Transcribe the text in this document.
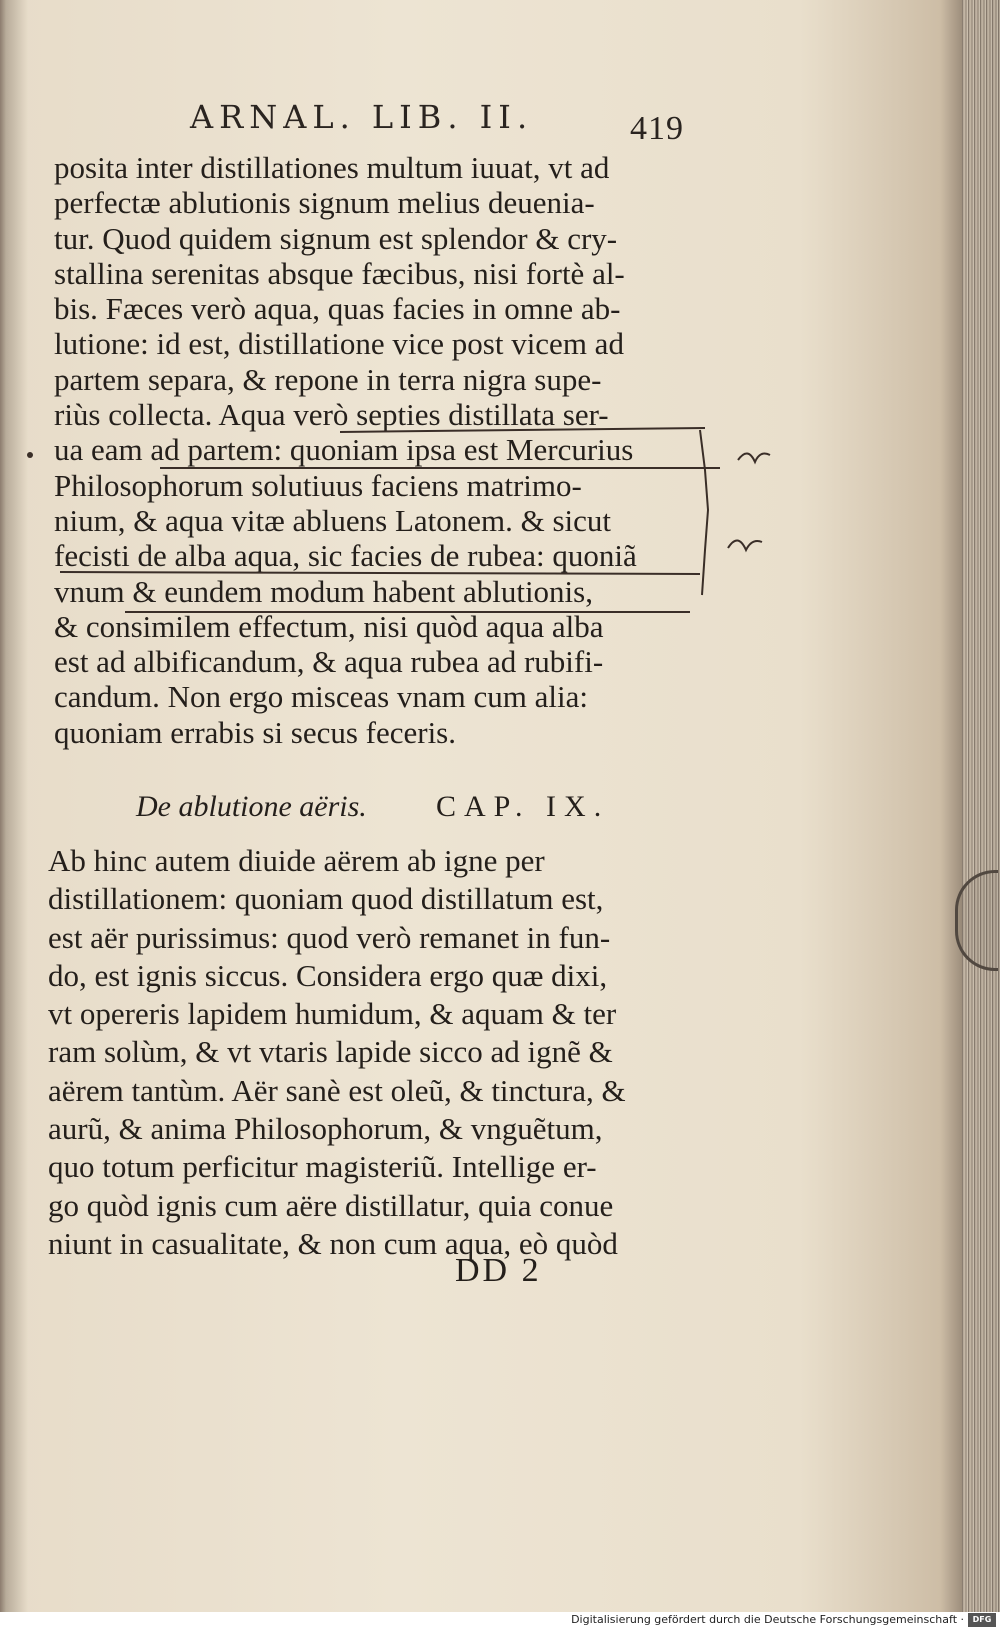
ARNAL. LIB. II.	419
posita inter distillationes multum iuuat, vt ad
perfectæ ablutionis signum melius deuenia-
tur. Quod quidem signum est splendor & cry-
stallina serenitas absque fæcibus, nisi fortè al-
bis. Fæces verò aqua, quas facies in omne ab-
lutione: id est, distillatione vice post vicem ad
partem separa, & repone in terra nigra supe-
riùs collecta. Aqua verò septies distillata ser-
ua eam ad partem: quoniam ipsa est Mercurius
Philosophorum solutiuus faciens matrimo-
nium, & aqua vitæ abluens Latonem. & sicut
fecisti de alba aqua, sic facies de rubea: quoniã
vnum & eundem modum habent ablutionis,
& consimilem effectum, nisi quòd aqua alba
est ad albificandum, & aqua rubea ad rubifi-
candum. Non ergo misceas vnam cum alia:
quoniam errabis si secus feceris.
De ablutione aëris. CAP. IX.
Ab hinc autem diuide aërem ab igne per
distillationem: quoniam quod distillatum est,
est aër purissimus: quod verò remanet in fun-
do, est ignis siccus. Considera ergo quæ dixi,
vt opereris lapidem humidum, & aquam & ter
ram solùm, & vt vtaris lapide sicco ad ignẽ &
aërem tantùm. Aër sanè est oleũ, & tinctura, &
aurũ, & anima Philosophorum, & vnguẽtum,
quo totum perficitur magisteriũ. Intellige er-
go quòd ignis cum aëre distillatur, quia conue
niunt in casualitate, & non cum aqua, eò quòd
DD 2
Digitalisierung gefördert durch die Deutsche Forschungsgemeinschaft ·	DFG
